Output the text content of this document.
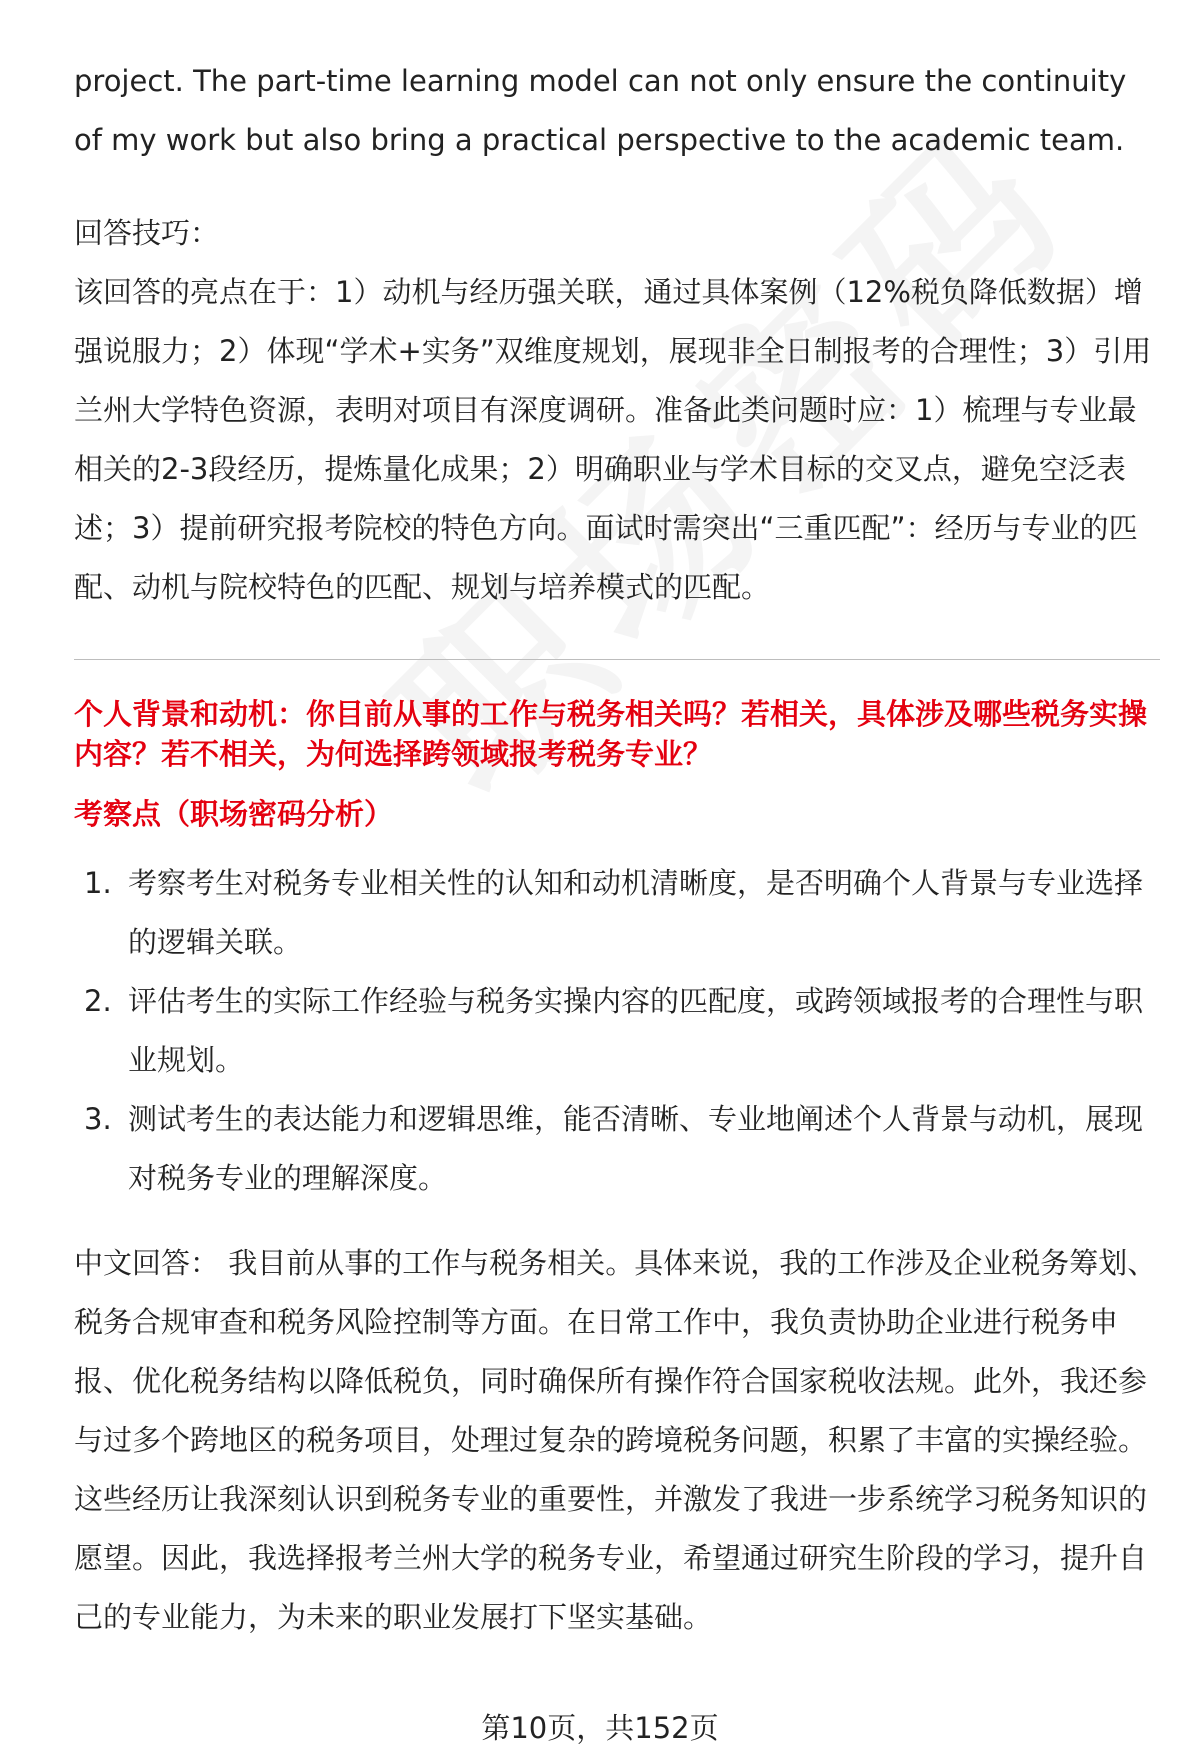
project. The part-time learning model can not only ensure the continuity of my work but also bring a practical perspective to the academic team.

回答技巧：

该回答的亮点在于：1）动机与经历强关联，通过具体案例（12%税负降低数据）增强说服力；2）体现“学术+实务”双维度规划，展现非全日制报考的合理性；3）引用兰州大学特色资源，表明对项目有深度调研。准备此类问题时应：1）梳理与专业最相关的2-3段经历，提炼量化成果；2）明确职业与学术目标的交叉点，避免空泛表述；3）提前研究报考院校的特色方向。面试时需突出“三重匹配”：经历与专业的匹配、动机与院校特色的匹配、规划与培养模式的匹配。

个人背景和动机：你目前从事的工作与税务相关吗？若相关，具体涉及哪些税务实操内容？若不相关，为何选择跨领域报考税务专业？

考察点（职场密码分析）

1. 考察考生对税务专业相关性的认知和动机清晰度，是否明确个人背景与专业选择的逻辑关联。
2. 评估考生的实际工作经验与税务实操内容的匹配度，或跨领域报考的合理性与职业规划。
3. 测试考生的表达能力和逻辑思维，能否清晰、专业地阐述个人背景与动机，展现对税务专业的理解深度。

中文回答： 我目前从事的工作与税务相关。具体来说，我的工作涉及企业税务筹划、税务合规审查和税务风险控制等方面。在日常工作中，我负责协助企业进行税务申报、优化税务结构以降低税负，同时确保所有操作符合国家税收法规。此外，我还参与过多个跨地区的税务项目，处理过复杂的跨境税务问题，积累了丰富的实操经验。这些经历让我深刻认识到税务专业的重要性，并激发了我进一步系统学习税务知识的愿望。因此，我选择报考兰州大学的税务专业，希望通过研究生阶段的学习，提升自己的专业能力，为未来的职业发展打下坚实基础。

第10页，共152页
